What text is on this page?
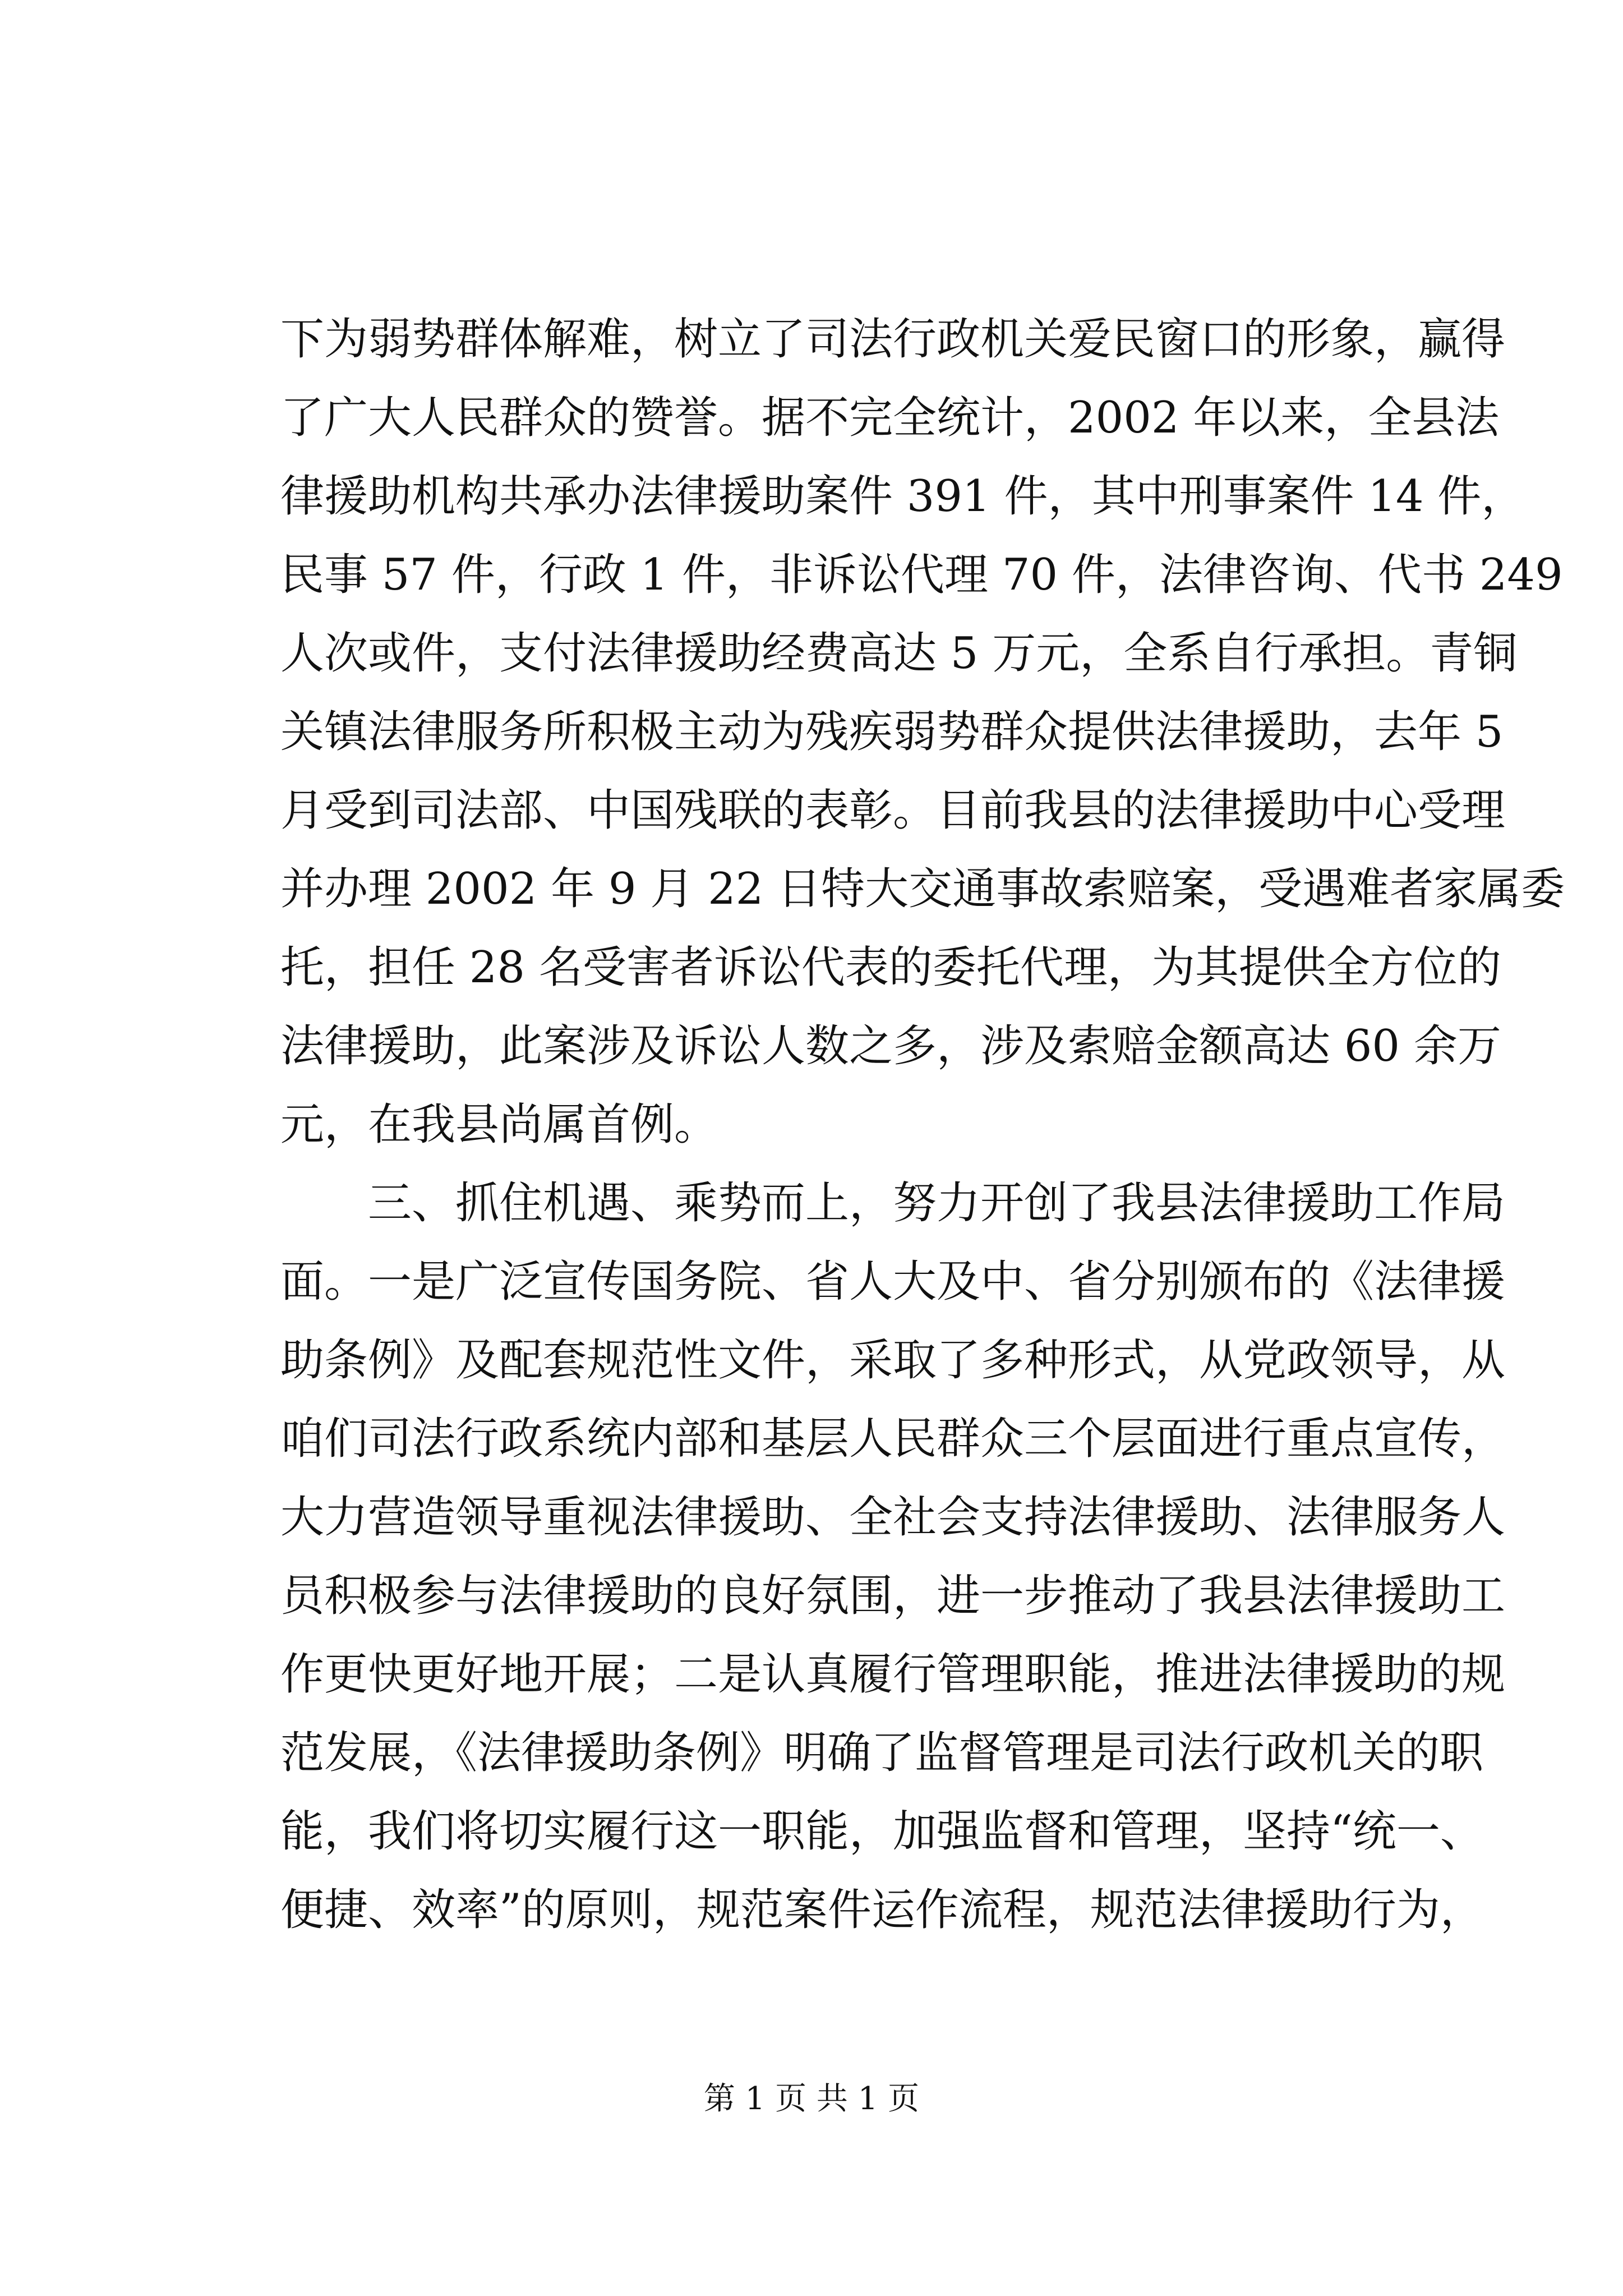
下为弱势群体解难，树立了司法行政机关爱民窗口的形象，赢得
了广大人民群众的赞誉。据不完全统计，2002 年以来，全县法
律援助机构共承办法律援助案件 391 件，其中刑事案件 14 件，
民事 57 件，行政 1 件，非诉讼代理 70 件，法律咨询、代书 249
人次或件，支付法律援助经费高达 5 万元，全系自行承担。青铜
关镇法律服务所积极主动为残疾弱势群众提供法律援助，去年 5
月受到司法部、中国残联的表彰。目前我县的法律援助中心受理
并办理 2002 年 9 月 22 日特大交通事故索赔案，受遇难者家属委
托，担任 28 名受害者诉讼代表的委托代理，为其提供全方位的
法律援助，此案涉及诉讼人数之多，涉及索赔金额高达 60 余万
元，在我县尚属首例。
　　三、抓住机遇、乘势而上，努力开创了我县法律援助工作局
面。一是广泛宣传国务院、省人大及中、省分别颁布的《法律援
助条例》及配套规范性文件，采取了多种形式，从党政领导，从
咱们司法行政系统内部和基层人民群众三个层面进行重点宣传，
大力营造领导重视法律援助、全社会支持法律援助、法律服务人
员积极参与法律援助的良好氛围，进一步推动了我县法律援助工
作更快更好地开展；二是认真履行管理职能，推进法律援助的规
范发展，《法律援助条例》明确了监督管理是司法行政机关的职
能，我们将切实履行这一职能，加强监督和管理，坚持“统一、
便捷、效率”的原则，规范案件运作流程，规范法律援助行为，
第 1 页 共 1 页
